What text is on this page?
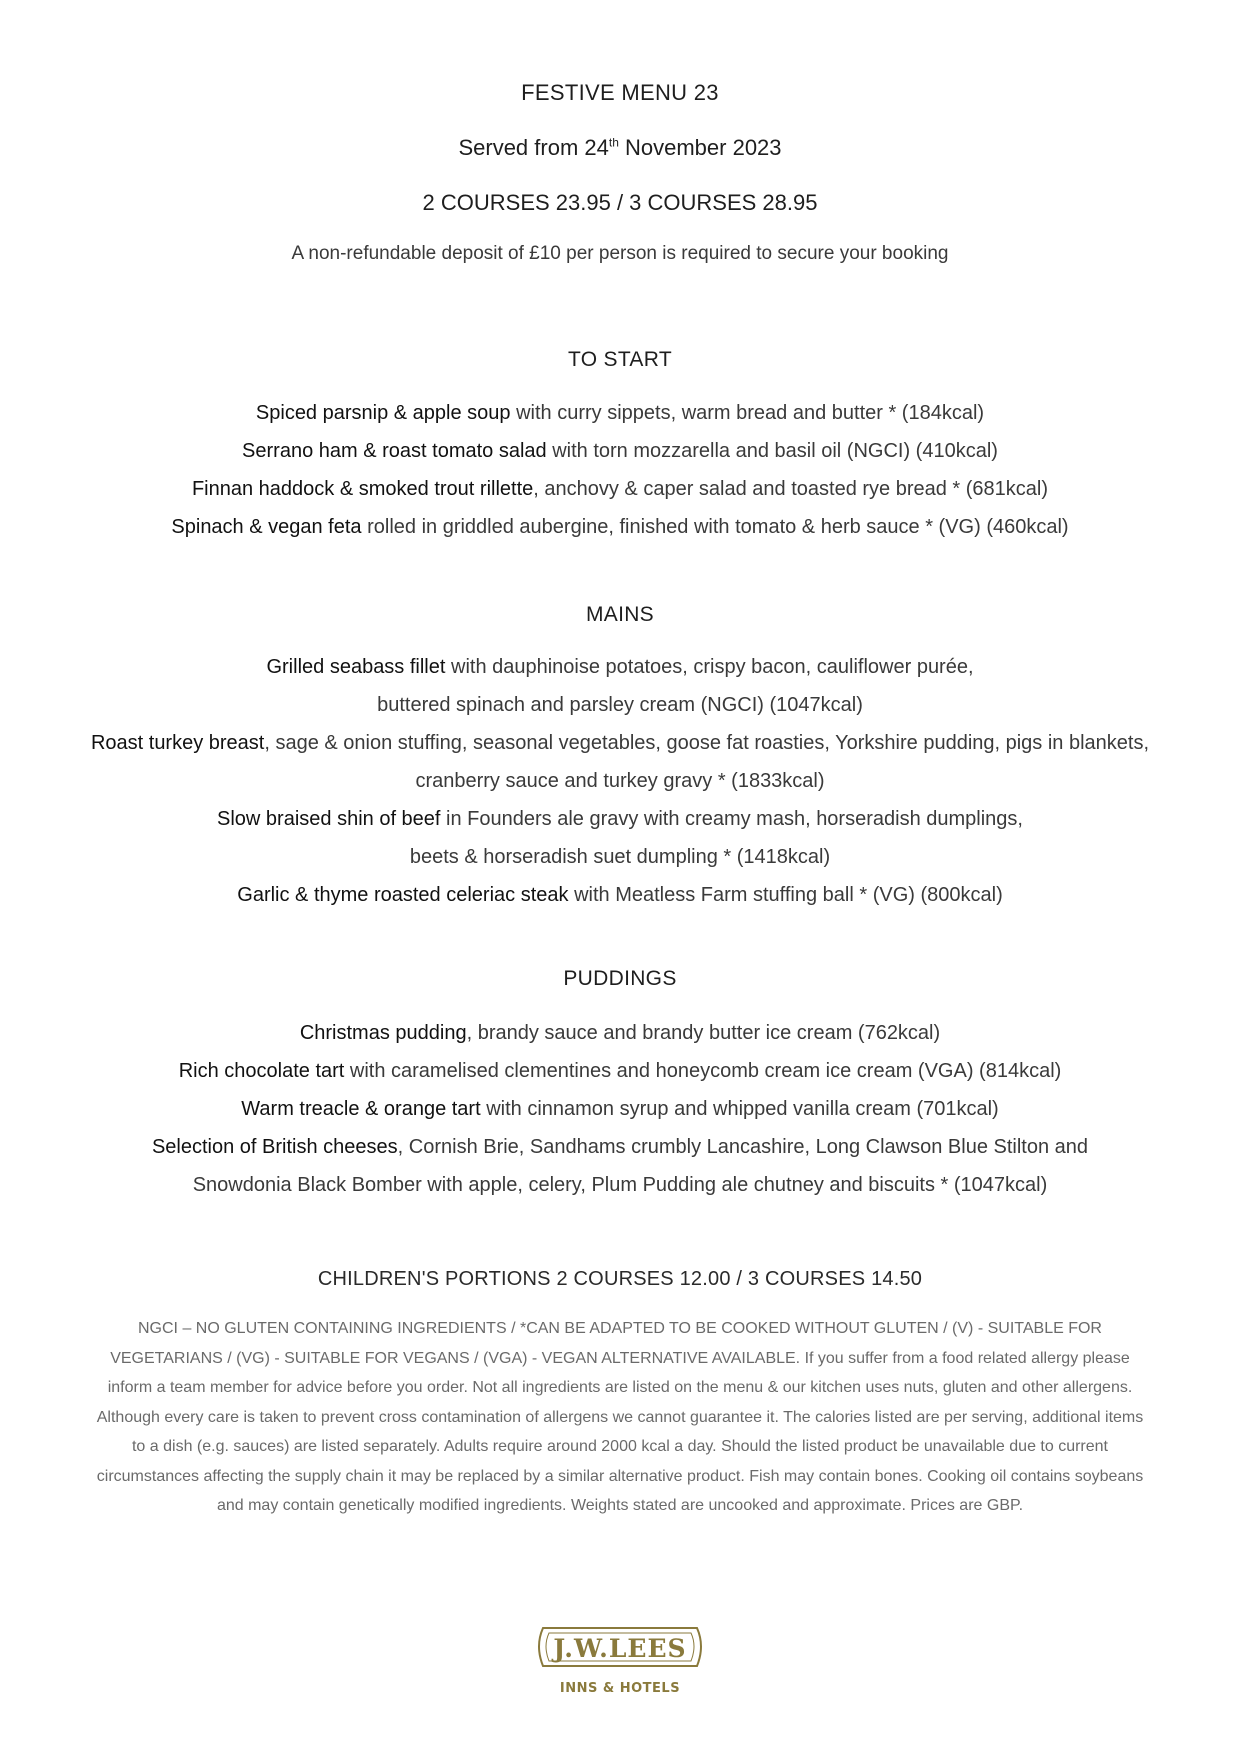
FESTIVE MENU 23
Served from 24th November 2023
2 COURSES 23.95 / 3 COURSES 28.95
A non-refundable deposit of £10 per person is required to secure your booking
TO START
Spiced parsnip & apple soup with curry sippets, warm bread and butter * (184kcal)
Serrano ham & roast tomato salad with torn mozzarella and basil oil (NGCI) (410kcal)
Finnan haddock & smoked trout rillette, anchovy & caper salad and toasted rye bread * (681kcal)
Spinach & vegan feta rolled in griddled aubergine, finished with tomato & herb sauce * (VG) (460kcal)
MAINS
Grilled seabass fillet with dauphinoise potatoes, crispy bacon, cauliflower purée,
buttered spinach and parsley cream (NGCI) (1047kcal)
Roast turkey breast, sage & onion stuffing, seasonal vegetables, goose fat roasties, Yorkshire pudding, pigs in blankets,
cranberry sauce and turkey gravy * (1833kcal)
Slow braised shin of beef in Founders ale gravy with creamy mash, horseradish dumplings,
beets & horseradish suet dumpling * (1418kcal)
Garlic & thyme roasted celeriac steak with Meatless Farm stuffing ball * (VG) (800kcal)
PUDDINGS
Christmas pudding, brandy sauce and brandy butter ice cream (762kcal)
Rich chocolate tart with caramelised clementines and honeycomb cream ice cream (VGA) (814kcal)
Warm treacle & orange tart with cinnamon syrup and whipped vanilla cream (701kcal)
Selection of British cheeses, Cornish Brie, Sandhams crumbly Lancashire, Long Clawson Blue Stilton and
Snowdonia Black Bomber with apple, celery, Plum Pudding ale chutney and biscuits * (1047kcal)
CHILDREN'S PORTIONS 2 COURSES 12.00 / 3 COURSES 14.50
NGCI – NO GLUTEN CONTAINING INGREDIENTS / *CAN BE ADAPTED TO BE COOKED WITHOUT GLUTEN / (V) - SUITABLE FOR
VEGETARIANS / (VG) - SUITABLE FOR VEGANS / (VGA) - VEGAN ALTERNATIVE AVAILABLE. If you suffer from a food related allergy please
inform a team member for advice before you order. Not all ingredients are listed on the menu & our kitchen uses nuts, gluten and other allergens.
Although every care is taken to prevent cross contamination of allergens we cannot guarantee it. The calories listed are per serving, additional items
to a dish (e.g. sauces) are listed separately. Adults require around 2000 kcal a day. Should the listed product be unavailable due to current
circumstances affecting the supply chain it may be replaced by a similar alternative product. Fish may contain bones. Cooking oil contains soybeans
and may contain genetically modified ingredients. Weights stated are uncooked and approximate. Prices are GBP.
J.W.LEES
INNS & HOTELS
